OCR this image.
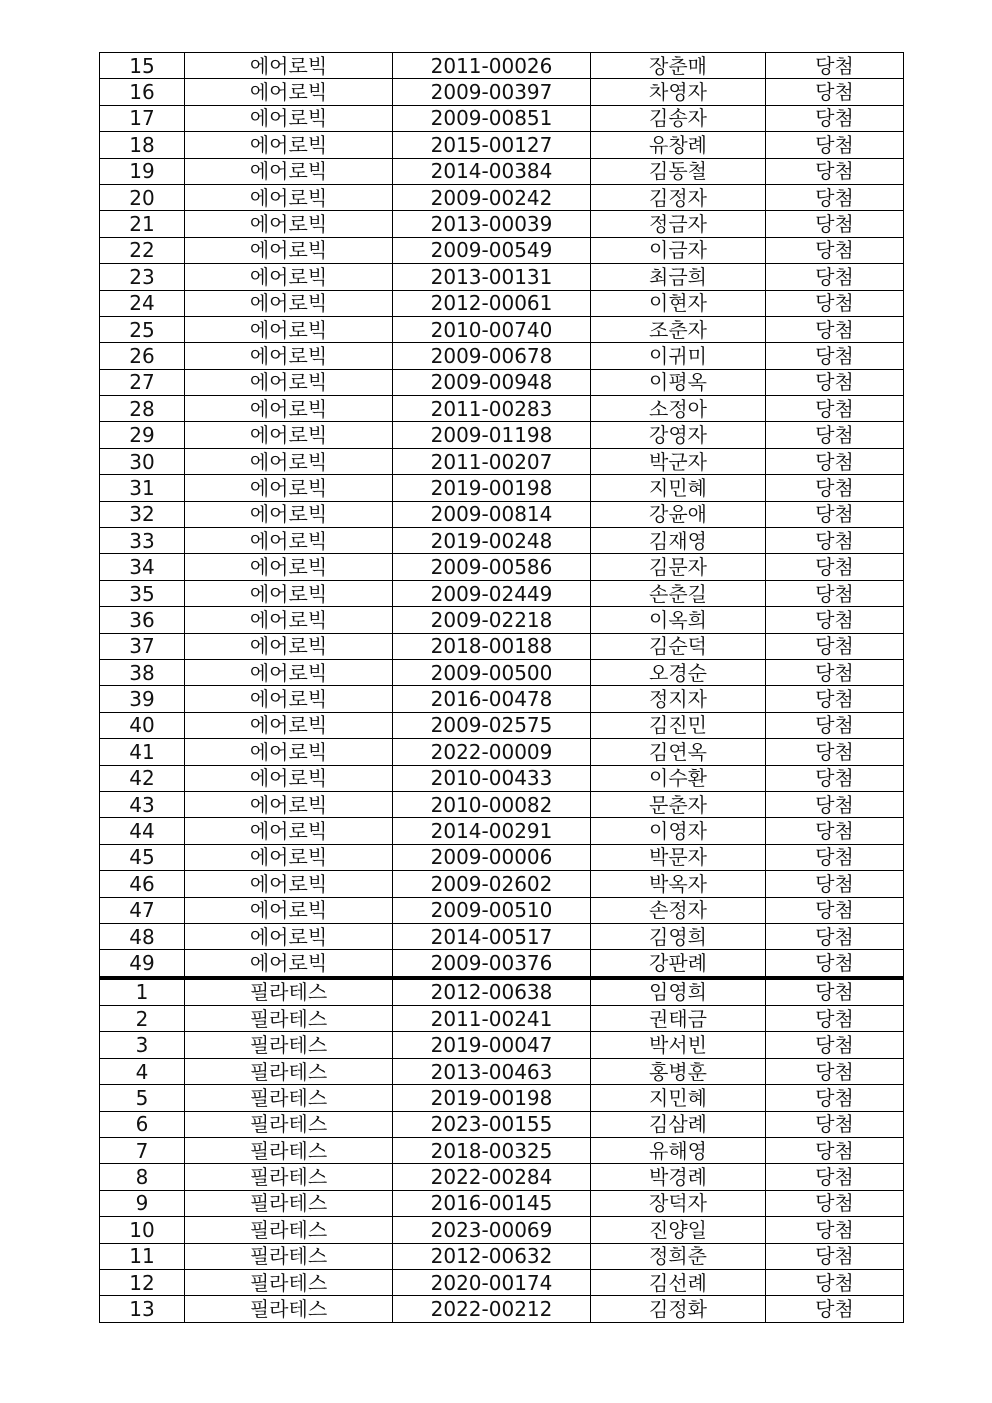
15	에어로빅	2011-00026	장춘매	당첨
16	에어로빅	2009-00397	차영자	당첨
17	에어로빅	2009-00851	김송자	당첨
18	에어로빅	2015-00127	유창례	당첨
19	에어로빅	2014-00384	김동철	당첨
20	에어로빅	2009-00242	김정자	당첨
21	에어로빅	2013-00039	정금자	당첨
22	에어로빅	2009-00549	이금자	당첨
23	에어로빅	2013-00131	최금희	당첨
24	에어로빅	2012-00061	이현자	당첨
25	에어로빅	2010-00740	조춘자	당첨
26	에어로빅	2009-00678	이귀미	당첨
27	에어로빅	2009-00948	이평옥	당첨
28	에어로빅	2011-00283	소정아	당첨
29	에어로빅	2009-01198	강영자	당첨
30	에어로빅	2011-00207	박군자	당첨
31	에어로빅	2019-00198	지민혜	당첨
32	에어로빅	2009-00814	강윤애	당첨
33	에어로빅	2019-00248	김재영	당첨
34	에어로빅	2009-00586	김문자	당첨
35	에어로빅	2009-02449	손춘길	당첨
36	에어로빅	2009-02218	이옥희	당첨
37	에어로빅	2018-00188	김순덕	당첨
38	에어로빅	2009-00500	오경순	당첨
39	에어로빅	2016-00478	정지자	당첨
40	에어로빅	2009-02575	김진민	당첨
41	에어로빅	2022-00009	김연옥	당첨
42	에어로빅	2010-00433	이수환	당첨
43	에어로빅	2010-00082	문춘자	당첨
44	에어로빅	2014-00291	이영자	당첨
45	에어로빅	2009-00006	박문자	당첨
46	에어로빅	2009-02602	박옥자	당첨
47	에어로빅	2009-00510	손정자	당첨
48	에어로빅	2014-00517	김영희	당첨
49	에어로빅	2009-00376	강판례	당첨
1	필라테스	2012-00638	임영희	당첨
2	필라테스	2011-00241	권태금	당첨
3	필라테스	2019-00047	박서빈	당첨
4	필라테스	2013-00463	홍병훈	당첨
5	필라테스	2019-00198	지민혜	당첨
6	필라테스	2023-00155	김삼례	당첨
7	필라테스	2018-00325	유해영	당첨
8	필라테스	2022-00284	박경례	당첨
9	필라테스	2016-00145	장덕자	당첨
10	필라테스	2023-00069	진양일	당첨
11	필라테스	2012-00632	정희춘	당첨
12	필라테스	2020-00174	김선례	당첨
13	필라테스	2022-00212	김정화	당첨
